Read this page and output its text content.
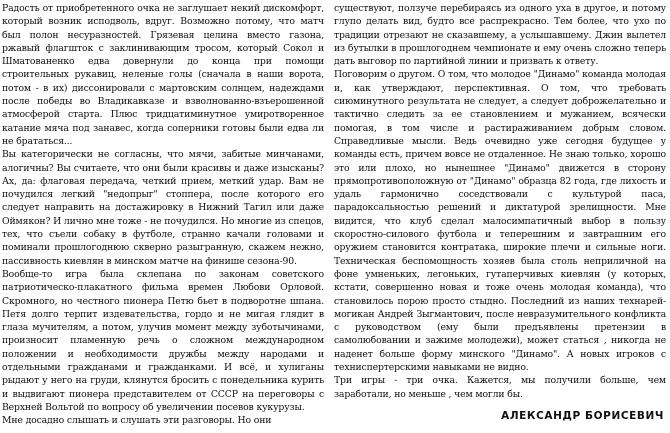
Радость от приобретенного очка не заглушает некий дискомфорт, который возник исподволь, вдруг. Возможно потому, что матч был полон несуразностей. Грязевая целина вместо газона, ржавый флагшток с заклинивающим тросом, который Сокол и Шматованенко едва довернули до конца при помощи строительных рукавиц, неленые голы (сначала в наши ворота, потом - в их) диссонировали с мартовским солнцем, надеждами после победы во Владикавказе и взволнованно-взъерошенной атмосферой старта. Плюс тридцатиминутное умиротворенное катание мяча под занавес, когда соперники готовы были едва ли не брататься...

Вы категорически не согласны, что мячи, забитые минчанами, алогичны? Вы считаете, что они были красивы и даже изысканы? Ах, да: флаговая передача, четкий прием, меткий удар. Вам не почудился легкий "недопрыг" стоппера, после которого его следует направить на достажировку в Нижний Тагил или даже Оймякон? И лично мне тоже - не почудился. Но многие из спецов, тех, что съели собаку в футболе, странно качали головами и поминали прошлогоднюю скверно разыгранную, скажем нежно, пассивность киевлян в минском матче на финише сезона-90.

Вообще-то игра была склепана по законам советского патриотическо-плакатного фильма времен Любови Орловой. Скромного, но честного пионера Петю бьет в подворотне шпана. Петя долго терпит издевательства, гордо и не мигая глядит в глаза мучителям, а потом, улучив момент между зуботычинами, произносит пламенную речь о сложном международном положении и необходимости дружбы между народами и отдельными гражданами и гражданками. И всё, и хулиганы рыдают у него на груди, клянутся бросить с понедельника курить и выдвигают пионера представителем от СССР на переговоры с Верхней Вольтой по вопросу об увеличении посевов кукурузы.

Мне досадно слышать и слушать эти разговоры. Но они

существуют, ползуче перебираясь из одного уха в другое, и потому глупо делать вид, будто все распрекрасно. Тем более, что ухо по традиции отрезают не сказавшему, а услышавшему. Джин вылетел из бутылки в прошлогоднем чемпионате и ему очень сложно теперь дать выговор по партийной линии и призвать к ответу.

Поговорим о другом. О том, что молодое "Динамо" команда молодая и, как утверждают, перспективная. О том, что требовать сиюминутного результата не следует, а следует доброжелательно и тактично следить за ее становлением и мужанием, всячески помогая, в том числе и растираживанием добрым словом. Справедливые мысли. Ведь очевидно уже сегодня будущее у команды есть, причем вовсе не отдаленное. Не знаю только, хорошо это или плохо, но нынешнее "Динамо" движется в сторону прямопротивоположную от "Динамо" образца 82 года, где лихость и удаль гармонично соседствовали с культурой паса, парадоксальностью решений и диктатурой зрелищности. Мне видится, что клуб сделал малосимпатичный выбор в пользу скоростно-силового футбола и теперешним и завтрашним его оружием становится контратака, широкие плечи и сильные ноги. Техническая беспомощность хозяев была столь неприличной на фоне умненьких, легоньких, гутаперчивых киевлян (у которых, кстати, совершенно новая и тоже очень молодая команда), что становилось порою просто стыдно. Последний из наших технарей-могикан Андрей Зыгмантович, после невразумительного конфликта с руководством (ему были предъявлены претензии в самолюбовании и зажиме молодежи), может статься , никогда не наденет больше форму минского "Динамо". А новых игроков с техниспертерскими навыками не видно.

Три игры - три очка. Кажется, мы получили больше, чем заработали, но меньше , чем могли бы.

АЛЕКСАНДР БОРИСЕВИЧ
